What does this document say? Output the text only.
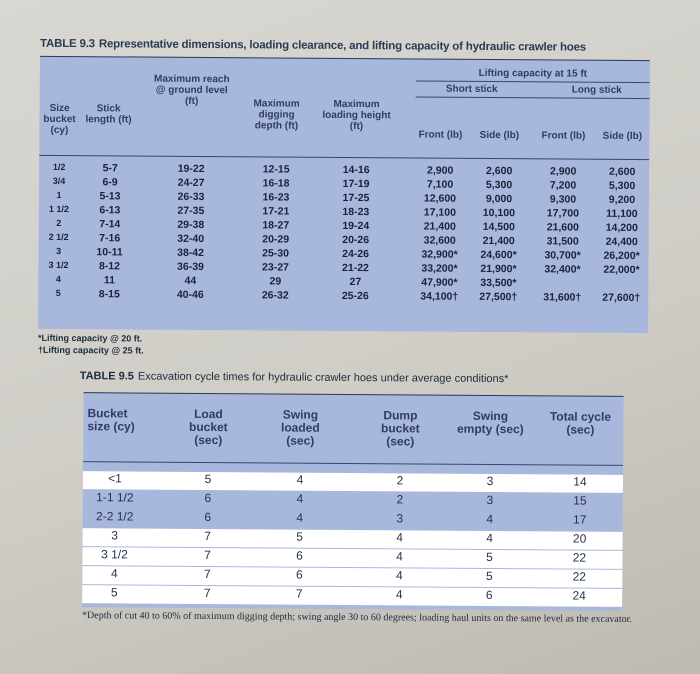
TABLE 9.3 Representative dimensions, loading clearance, and lifting capacity of hydraulic crawler hoes
Lifting capacity at 15 ft
Short stick	Long stick
Size bucket (cy)
Stick length (ft)
Maximum reach @ ground level (ft)	Maximum digging depth (ft)
Maximum loading height (ft)
Front (lb)	Side (lb)	Front (lb)	Side (lb)
1/2	5-7	19-22	12-15	14-16	2,900	2,600	2,900	2,600
3/4	6-9	24-27	16-18	17-19	7,100	5,300	7,200	5,300
1	5-13	26-33	16-23	17-25	12,600	9,000	9,300	9,200
1 1/2	6-13	27-35	17-21	18-23	17,100	10,100	17,700	11,100
2	7-14	29-38	18-27	19-24	21,400	14,500	21,600	14,200
2 1/2	7-16	32-40	20-29	20-26	32,600	21,400	31,500	24,400
3	10-11	38-42	25-30	24-26	32,900*	24,600*	30,700*	26,200*
3 1/2	8-12	36-39	23-27	21-22	33,200*	21,900*	32,400*	22,000*
4	11	44	29	27	47,900*	33,500*
5	8-15	40-46	26-32	25-26	34,100†	27,500†	31,600†	27,600†
*Lifting capacity @ 20 ft.
†Lifting capacity @ 25 ft.
TABLE 9.5 Excavation cycle times for hydraulic crawler hoes under average conditions*
Bucket size (cy)
Load bucket (sec)
Swing loaded (sec)
Dump bucket (sec)
Swing empty (sec)
Total cycle (sec)
<1	5	4	2	3	14
1-1 1/2	6	4	2	3	15
2-2 1/2	6	4	3	4	17
3	7	5	4	4	20
3 1/2	7	6	4	5	22
4	7	6	4	5	22
5	7	7	4	6	24
*Depth of cut 40 to 60% of maximum digging depth; swing angle 30 to 60 degrees; loading haul units on the same level as the excavator.
